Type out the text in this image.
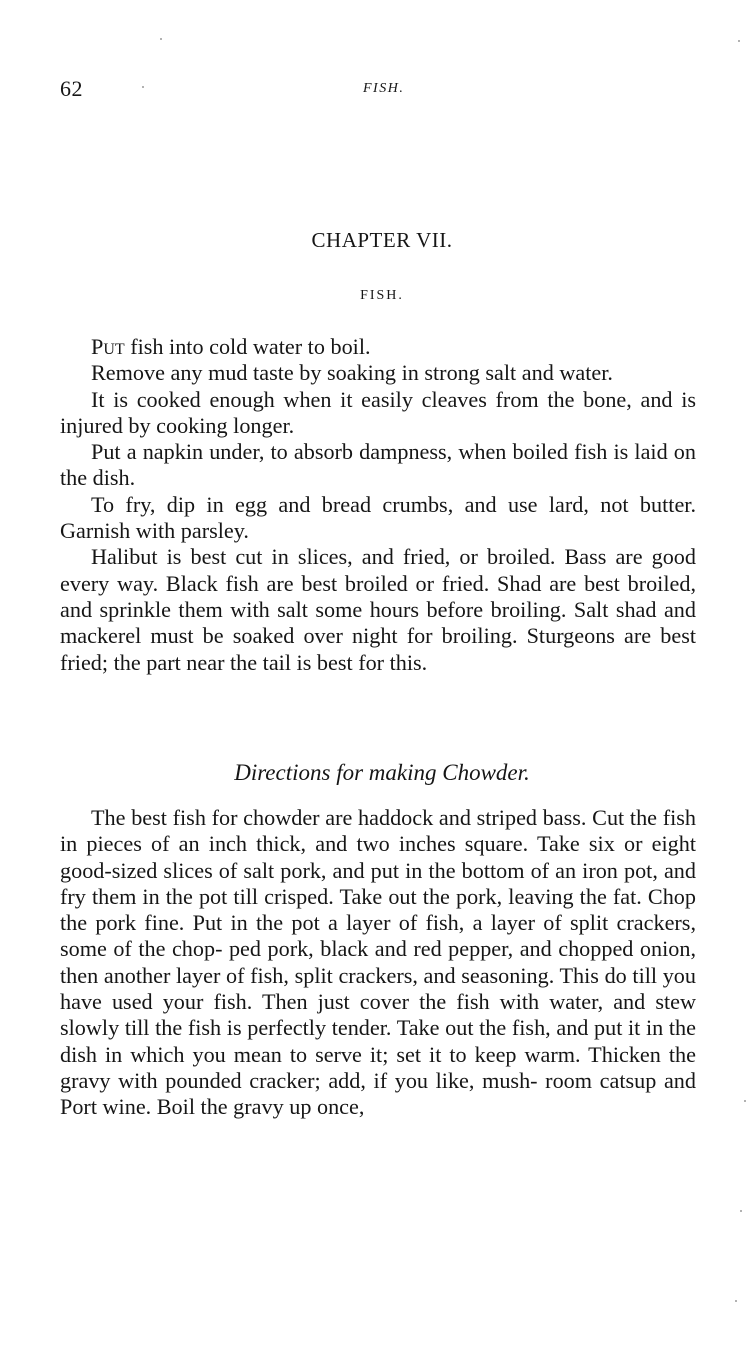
62	FISH.
CHAPTER VII.
FISH.

Put fish into cold water to boil.

Remove any mud taste by soaking in strong salt and water.

It is cooked enough when it easily cleaves from the bone, and is injured by cooking longer.

Put a napkin under, to absorb dampness, when boiled fish is laid on the dish.

To fry, dip in egg and bread crumbs, and use lard, not butter. Garnish with parsley.

Halibut is best cut in slices, and fried, or broiled. Bass are good every way. Black fish are best broiled or fried. Shad are best broiled, and sprinkle them with salt some hours before broiling. Salt shad and mackerel must be soaked over night for broiling. Sturgeons are best fried; the part near the tail is best for this.

Directions for making Chowder.

The best fish for chowder are haddock and striped bass. Cut the fish in pieces of an inch thick, and two inches square. Take six or eight good-sized slices of salt pork, and put in the bottom of an iron pot, and fry them in the pot till crisped. Take out the pork, leaving the fat. Chop the pork fine. Put in the pot a layer of fish, a layer of split crackers, some of the chop- ped pork, black and red pepper, and chopped onion, then another layer of fish, split crackers, and seasoning. This do till you have used your fish. Then just cover the fish with water, and stew slowly till the fish is perfectly tender. Take out the fish, and put it in the dish in which you mean to serve it; set it to keep warm. Thicken the gravy with pounded cracker; add, if you like, mush- room catsup and Port wine. Boil the gravy up once,
